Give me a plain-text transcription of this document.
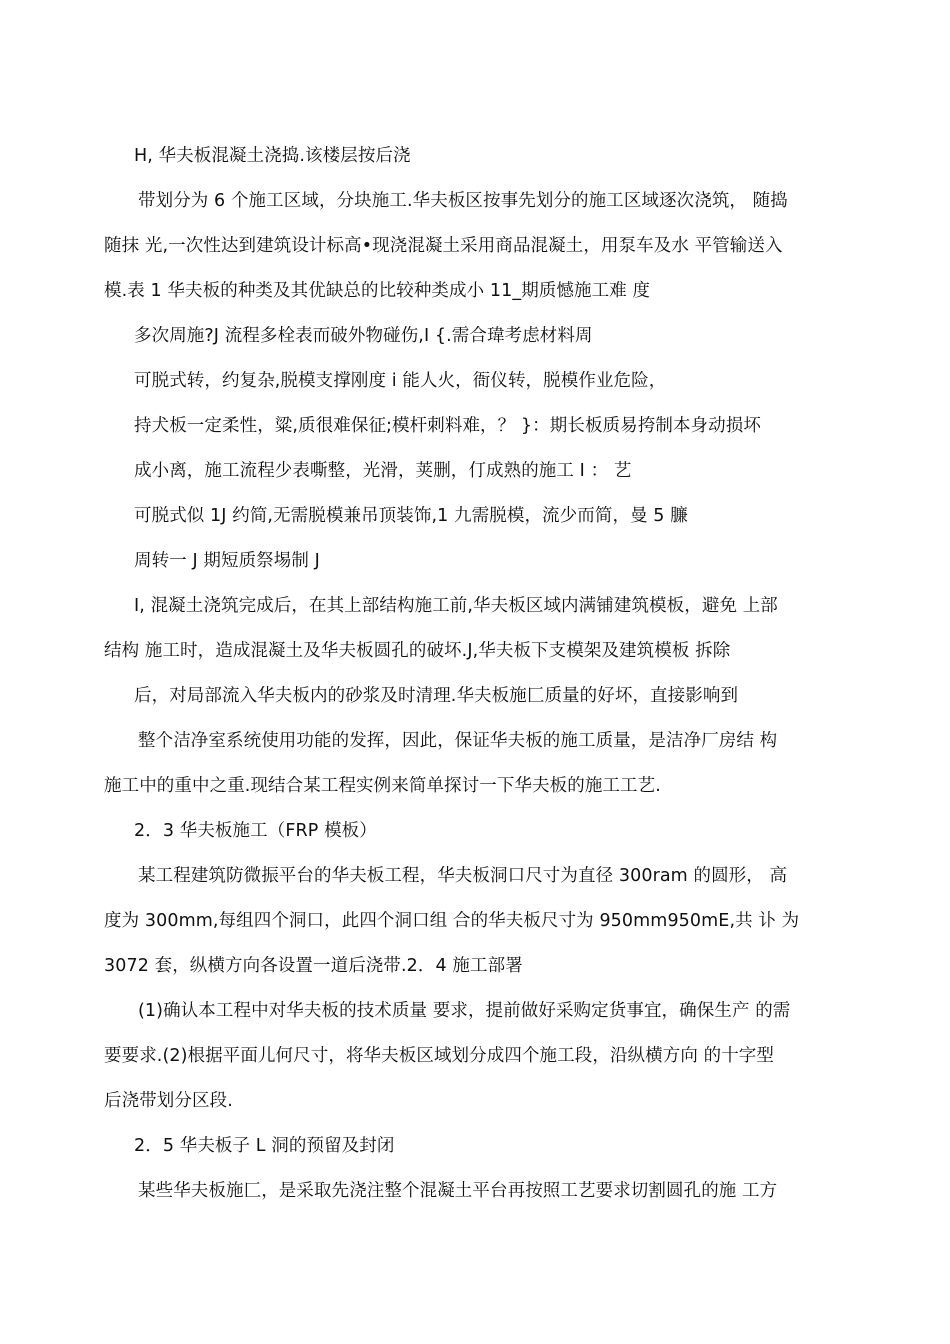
H, 华夫板混凝土浇捣.该楼层按后浇
带划分为 6 个施工区域，分块施工.华夫板区按事先划分的施工区域逐次浇筑， 随捣
随抹 光,一次性达到建筑设计标高•现浇混凝土采用商品混凝土，用泵车及水 平管输送入
模.表 1 华夫板的种类及其优缺总的比较种类成小 11_期质憾施工难 度
多次周施?J 流程多栓表而破外物碰伤,I {.需合瑋考虑材料周
可脱式转，约复杂,脱模支撑刚度 i 能人火，衙仪转，脱模作业危险，
持犬板一定柔性，粱,质很难保征;模杆刺料难，？ }：期长板质易挎制本身动损坏
成小离，施工流程少表嘶整，光滑，荚删，仃成熟的施工 I ： 艺
可脱式似 1J 约简,无需脱模兼吊顶装饰,1 九需脱模，流少而简，曼 5 臁
周转一 J 期短质祭埸制 J
I, 混凝土浇筑完成后，在其上部结构施工前,华夫板区域内满铺建筑模板，避免 上部
结构 施工时，造成混凝土及华夫板圆孔的破坏.J,华夫板下支模架及建筑模板 拆除
后，对局部流入华夫板内的砂浆及时清理.华夫板施匚质量的好坏，直接影响到
整个洁净室系统使用功能的发挥，因此，保证华夫板的施工质量，是洁净厂房结 构
施工中的重中之重.现结合某工程实例来简单探讨一下华夫板的施工工艺.
2．3 华夫板施工（FRP 模板）
某工程建筑防微振平台的华夫板工程，华夫板洞口尺寸为直径 300ram 的圆形， 高
度为 300mm,每组四个洞口，此四个洞口组 合的华夫板尺寸为 950mm950mE,共 讣 为
3072 套，纵横方向各设置一道后浇带.2．4 施工部署
(1)确认本工程中对华夫板的技术质量 要求，提前做好采购定货事宜，确保生产 的需
要要求.(2)根据平面儿何尺寸，将华夫板区域划分成四个施工段，沿纵横方向 的十字型
后浇带划分区段.
2．5 华夫板子 L 洞的预留及封闭
某些华夫板施匚，是采取先浇注整个混凝土平台再按照工艺要求切割圆孔的施 工方
